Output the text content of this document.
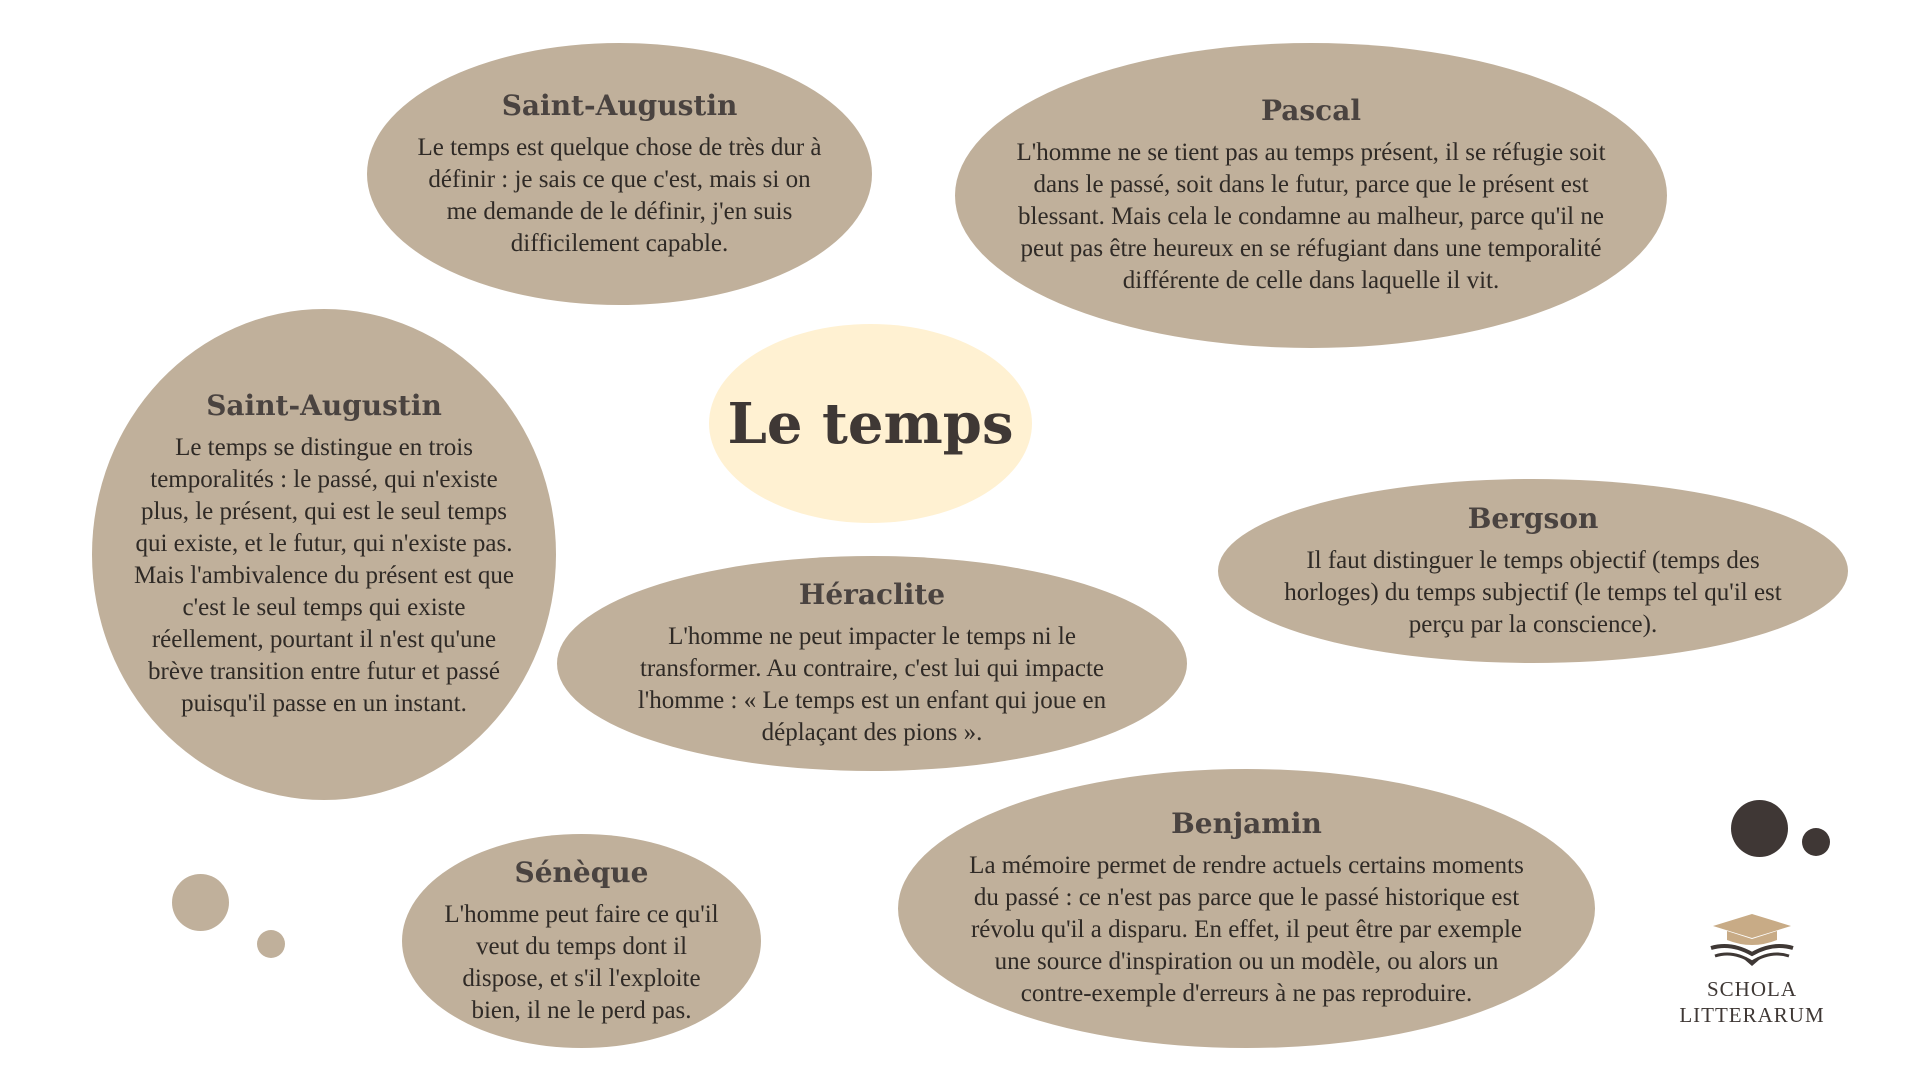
Le temps
Saint-Augustin
Le temps est quelque chose de très dur à définir : je sais ce que c'est, mais si on me demande de le définir, j'en suis difficilement capable.
Pascal
L'homme ne se tient pas au temps présent, il se réfugie soit dans le passé, soit dans le futur, parce que le présent est blessant. Mais cela le condamne au malheur, parce qu'il ne peut pas être heureux en se réfugiant dans une temporalité différente de celle dans laquelle il vit.
Saint-Augustin
Le temps se distingue en trois temporalités : le passé, qui n'existe plus, le présent, qui est le seul temps qui existe, et le futur, qui n'existe pas. Mais l'ambivalence du présent est que c'est le seul temps qui existe réellement, pourtant il n'est qu'une brève transition entre futur et passé puisqu'il passe en un instant.
Héraclite
L'homme ne peut impacter le temps ni le transformer. Au contraire, c'est lui qui impacte l'homme : « Le temps est un enfant qui joue en déplaçant des pions ».
Bergson
Il faut distinguer le temps objectif (temps des horloges) du temps subjectif (le temps tel qu'il est perçu par la conscience).
Sénèque
L'homme peut faire ce qu'il veut du temps dont il dispose, et s'il l'exploite bien, il ne le perd pas.
Benjamin
La mémoire permet de rendre actuels certains moments du passé : ce n'est pas parce que le passé historique est révolu qu'il a disparu. En effet, il peut être par exemple une source d'inspiration ou un modèle, ou alors un contre-exemple d'erreurs à ne pas reproduire.	SCHOLA
LITTERARUM
